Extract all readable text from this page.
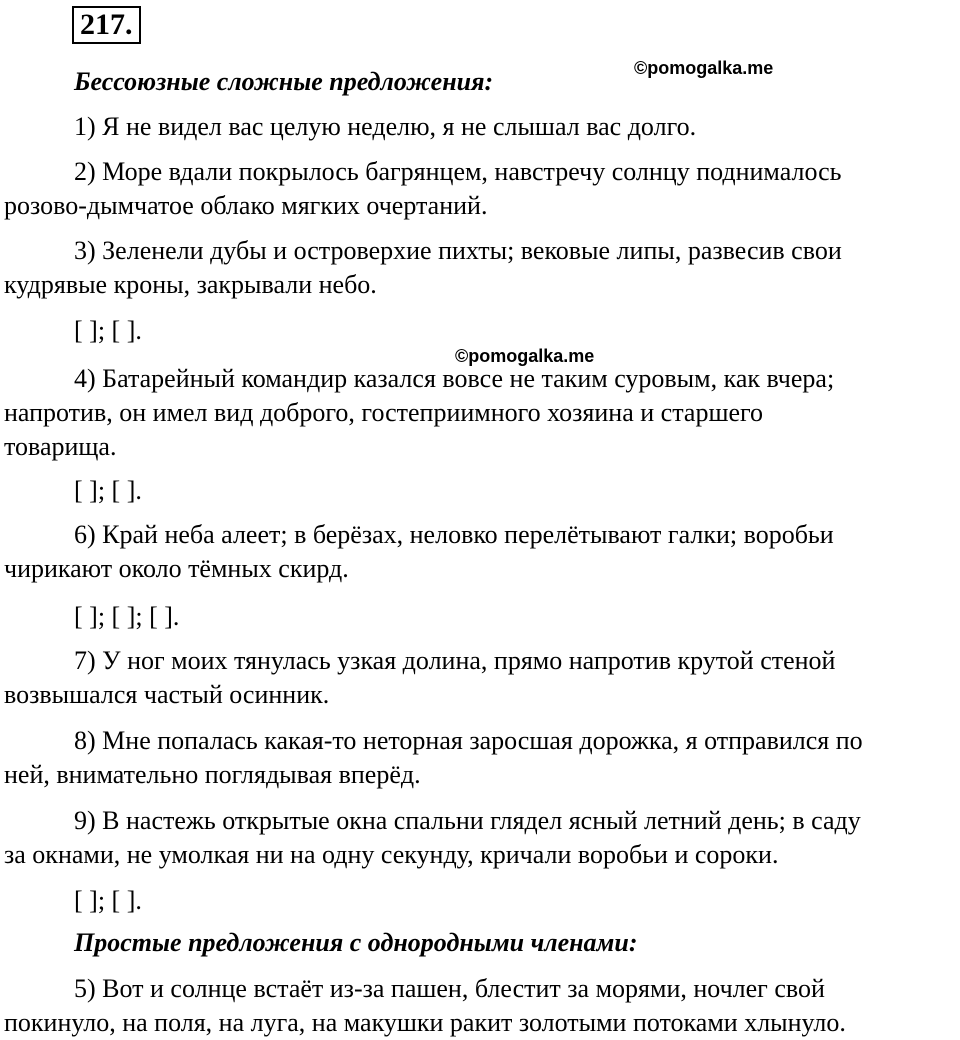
217.
©pomogalka.me
Бессоюзные сложные предложения:
1) Я не видел вас целую неделю, я не слышал вас долго.
2) Море вдали покрылось багрянцем, навстречу солнцу поднималось
розово-дымчатое облако мягких очертаний.
3) Зеленели дубы и островерхие пихты; вековые липы, развесив свои
кудрявые кроны, закрывали небо.
[ ]; [ ].
©pomogalka.me
4) Батарейный командир казался вовсе не таким суровым, как вчера;
напротив, он имел вид доброго, гостеприимного хозяина и старшего
товарища.
[ ]; [ ].
6) Край неба алеет; в берёзах, неловко перелётывают галки; воробьи
чирикают около тёмных скирд.
[ ]; [ ]; [ ].
7) У ног моих тянулась узкая долина, прямо напротив крутой стеной
возвышался частый осинник.
8) Мне попалась какая-то неторная заросшая дорожка, я отправился по
ней, внимательно поглядывая вперёд.
9) В настежь открытые окна спальни глядел ясный летний день; в саду
за окнами, не умолкая ни на одну секунду, кричали воробьи и сороки.
[ ]; [ ].
Простые предложения с однородными членами:
5) Вот и солнце встаёт из-за пашен, блестит за морями, ночлег свой
покинуло, на поля, на луга, на макушки ракит золотыми потоками хлынуло.
